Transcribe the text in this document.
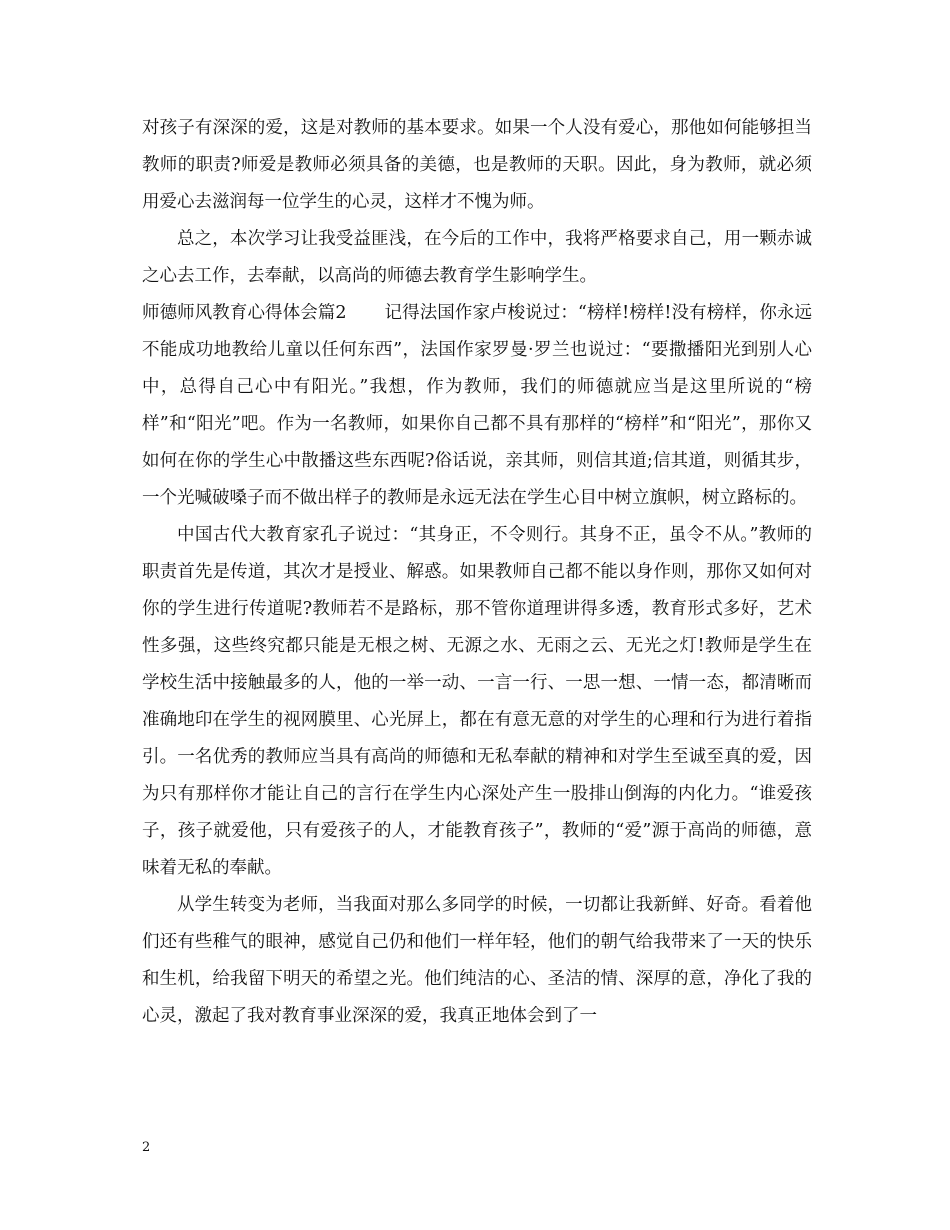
对孩子有深深的爱，这是对教师的基本要求。如果一个人没有爱心，那他如何能够担当教师的职责?师爱是教师必须具备的美德，也是教师的天职。因此，身为教师，就必须用爱心去滋润每一位学生的心灵，这样才不愧为师。

总之，本次学习让我受益匪浅，在今后的工作中，我将严格要求自己，用一颗赤诚之心去工作，去奉献，以高尚的师德去教育学生影响学生。

师德师风教育心得体会篇2 记得法国作家卢梭说过：“榜样!榜样!没有榜样，你永远不能成功地教给儿童以任何东西”，法国作家罗曼·罗兰也说过：“要撒播阳光到别人心中，总得自己心中有阳光。”我想，作为教师，我们的师德就应当是这里所说的“榜样”和“阳光”吧。作为一名教师，如果你自己都不具有那样的“榜样”和“阳光”，那你又如何在你的学生心中散播这些东西呢?俗话说，亲其师，则信其道;信其道，则循其步，一个光喊破嗓子而不做出样子的教师是永远无法在学生心目中树立旗帜，树立路标的。

中国古代大教育家孔子说过：“其身正，不令则行。其身不正，虽令不从。”教师的职责首先是传道，其次才是授业、解惑。如果教师自己都不能以身作则，那你又如何对你的学生进行传道呢?教师若不是路标，那不管你道理讲得多透，教育形式多好，艺术性多强，这些终究都只能是无根之树、无源之水、无雨之云、无光之灯!教师是学生在学校生活中接触最多的人，他的一举一动、一言一行、一思一想、一情一态，都清晰而准确地印在学生的视网膜里、心光屏上，都在有意无意的对学生的心理和行为进行着指引。一名优秀的教师应当具有高尚的师德和无私奉献的精神和对学生至诚至真的爱，因为只有那样你才能让自己的言行在学生内心深处产生一股排山倒海的内化力。“谁爱孩子，孩子就爱他，只有爱孩子的人，才能教育孩子”，教师的“爱”源于高尚的师德，意味着无私的奉献。

从学生转变为老师，当我面对那么多同学的时候，一切都让我新鲜、好奇。看着他们还有些稚气的眼神，感觉自己仍和他们一样年轻，他们的朝气给我带来了一天的快乐和生机，给我留下明天的希望之光。他们纯洁的心、圣洁的情、深厚的意，净化了我的心灵，激起了我对教育事业深深的爱，我真正地体会到了一

2
